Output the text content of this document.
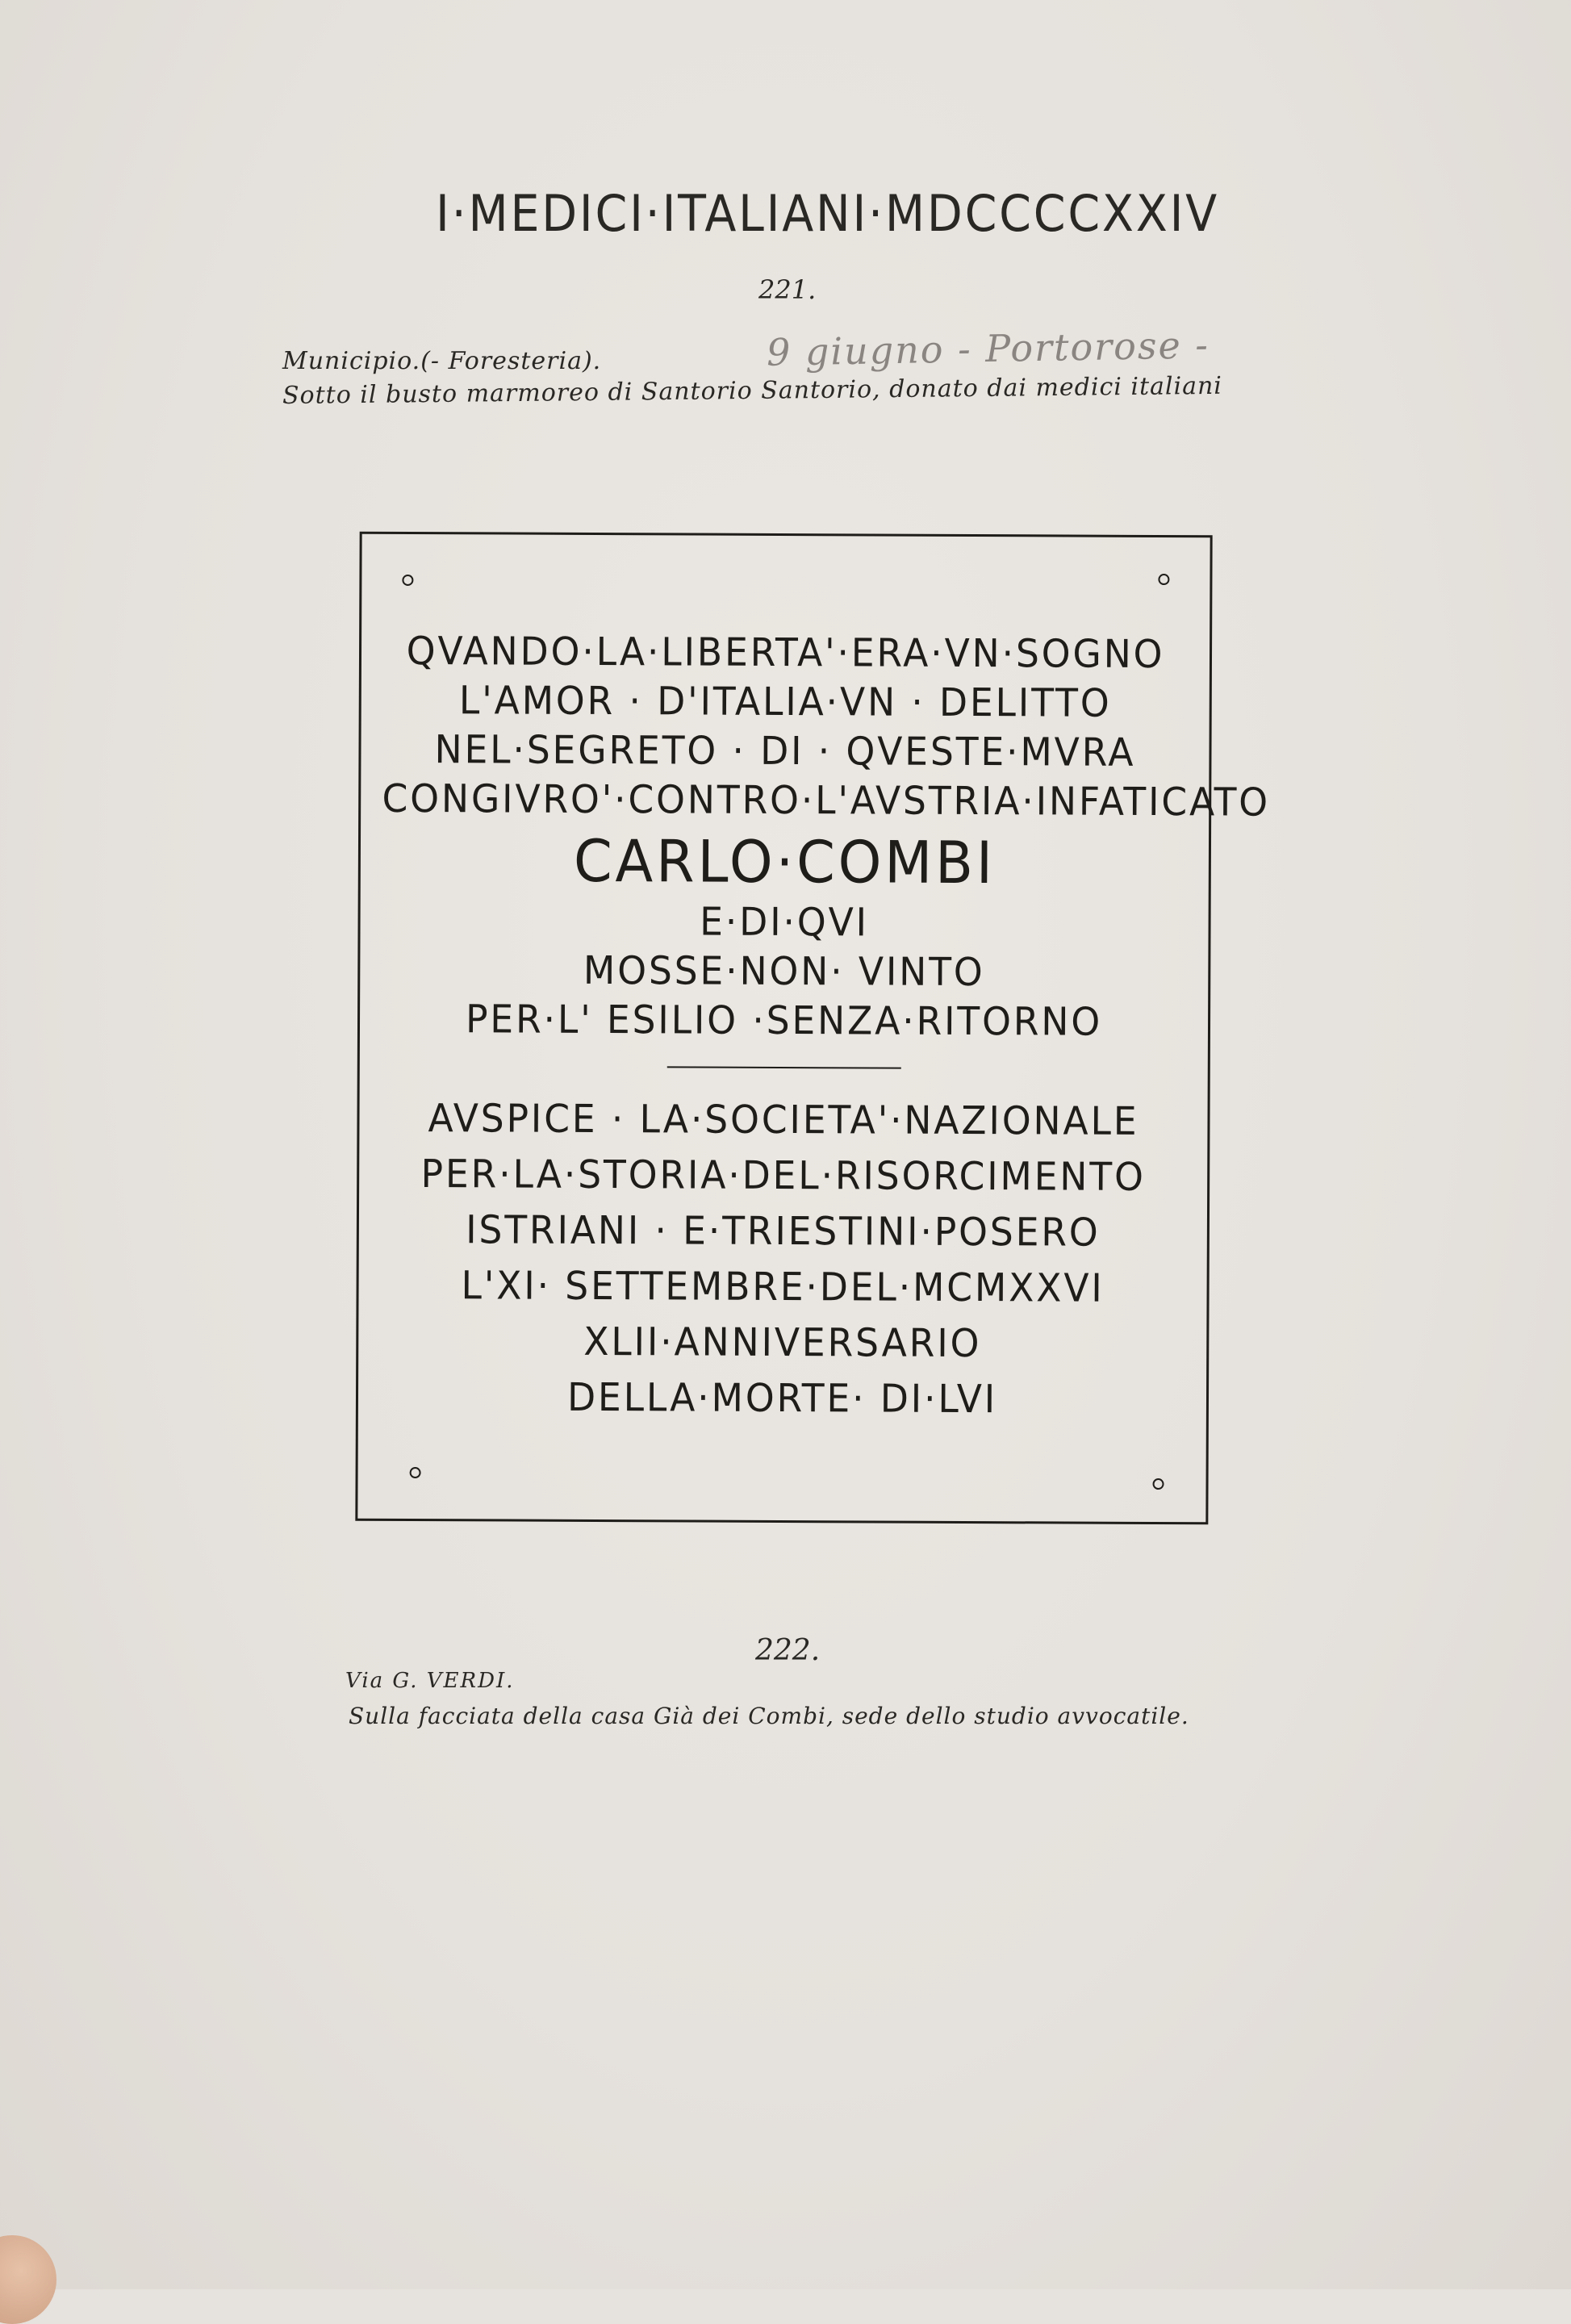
I·MEDICI·ITALIANI·MDCCCCXXIV
221.
Municipio.(- Foresteria).	9 giugno - Portorose -
Sotto il busto marmoreo di Santorio Santorio, donato dai medici italiani
QVANDO·LA·LIBERTA'·ERA·VN·SOGNO
L'AMOR · D'ITALIA·VN · DELITTO
NEL·SEGRETO · DI · QVESTE·MVRA
CONGIVRO'·CONTRO·L'AVSTRIA·INFATICATO
CARLO·COMBI
E·DI·QVI
MOSSE·NON· VINTO
PER·L' ESILIO ·SENZA·RITORNO
AVSPICE · LA·SOCIETA'·NAZIONALE
PER·LA·STORIA·DEL·RISORCIMENTO
ISTRIANI · E·TRIESTINI·POSERO
L'XI· SETTEMBRE·DEL·MCMXXVI
XLII·ANNIVERSARIO
DELLA·MORTE· DI·LVI
222.
Via G. VERDI.
Sulla facciata della casa Già dei Combi, sede dello studio avvocatile.
